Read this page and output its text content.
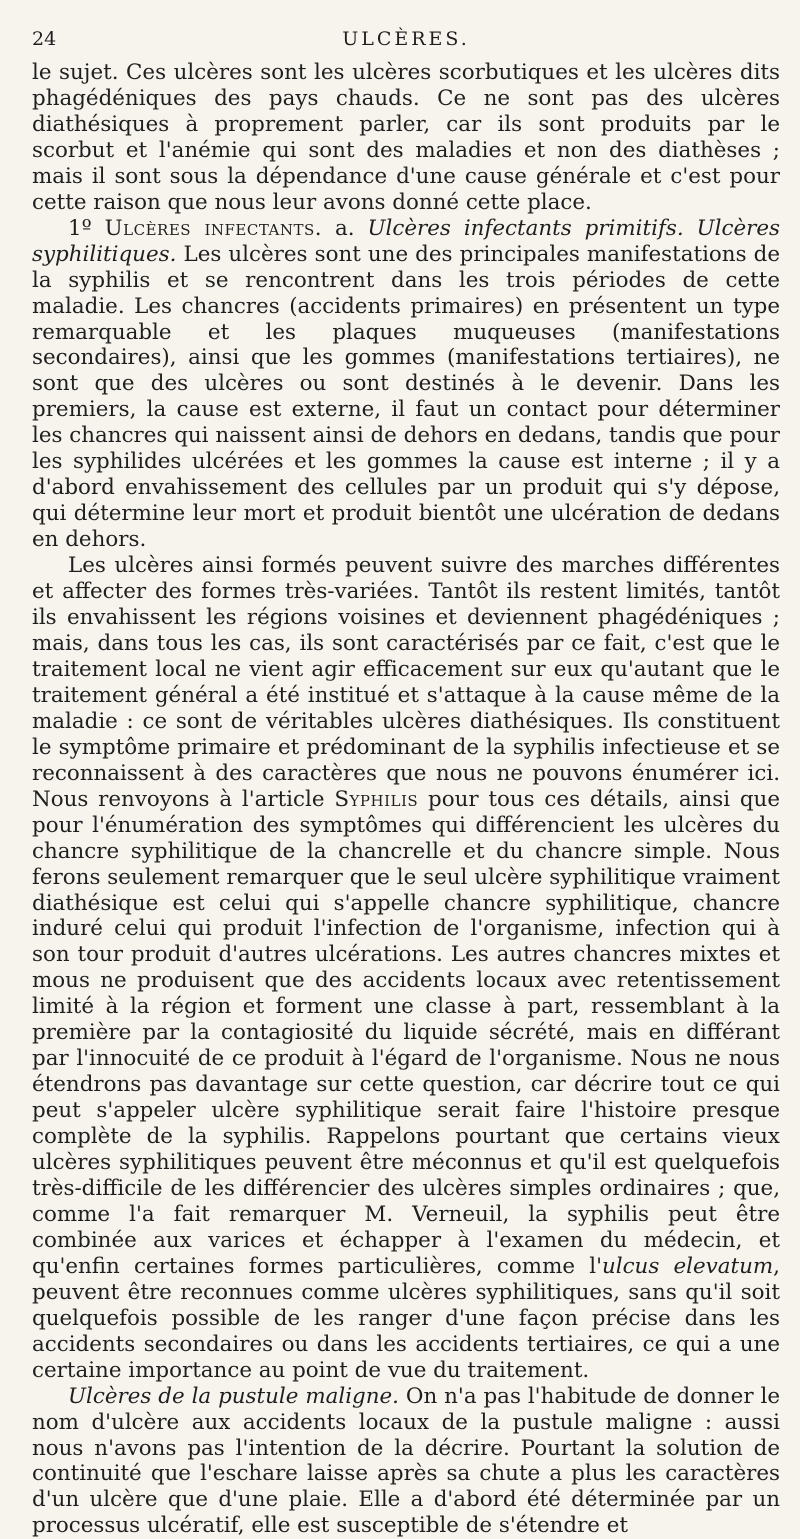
ULCÈRES.
24

le sujet. Ces ulcères sont les ulcères scorbutiques et les ulcères dits phagédéniques des pays chauds. Ce ne sont pas des ulcères diathésiques à proprement parler, car ils sont produits par le scorbut et l'anémie qui sont des maladies et non des diathèses ; mais il sont sous la dépendance d'une cause générale et c'est pour cette raison que nous leur avons donné cette place.

1º Ulcères infectants. a. Ulcères infectants primitifs. Ulcères syphilitiques. Les ulcères sont une des principales manifestations de la syphilis et se rencontrent dans les trois périodes de cette maladie. Les chancres (accidents primaires) en présentent un type remarquable et les plaques muqueuses (manifestations secondaires), ainsi que les gommes (manifestations tertiaires), ne sont que des ulcères ou sont destinés à le devenir. Dans les premiers, la cause est externe, il faut un contact pour déterminer les chancres qui naissent ainsi de dehors en dedans, tandis que pour les syphilides ulcérées et les gommes la cause est interne ; il y a d'abord envahissement des cellules par un produit qui s'y dépose, qui détermine leur mort et produit bientôt une ulcération de dedans en dehors.

Les ulcères ainsi formés peuvent suivre des marches différentes et affecter des formes très-variées. Tantôt ils restent limités, tantôt ils envahissent les régions voisines et deviennent phagédéniques ; mais, dans tous les cas, ils sont caractérisés par ce fait, c'est que le traitement local ne vient agir efficacement sur eux qu'autant que le traitement général a été institué et s'attaque à la cause même de la maladie : ce sont de véritables ulcères diathésiques. Ils constituent le symptôme primaire et prédominant de la syphilis infectieuse et se reconnaissent à des caractères que nous ne pouvons énumérer ici. Nous renvoyons à l'article Syphilis pour tous ces détails, ainsi que pour l'énumération des symptômes qui différencient les ulcères du chancre syphilitique de la chancrelle et du chancre simple. Nous ferons seulement remarquer que le seul ulcère syphilitique vraiment diathésique est celui qui s'appelle chancre syphilitique, chancre induré celui qui produit l'infection de l'organisme, infection qui à son tour produit d'autres ulcérations. Les autres chancres mixtes et mous ne produisent que des accidents locaux avec retentissement limité à la région et forment une classe à part, ressemblant à la première par la contagiosité du liquide sécrété, mais en différant par l'innocuité de ce produit à l'égard de l'organisme. Nous ne nous étendrons pas davantage sur cette question, car décrire tout ce qui peut s'appeler ulcère syphilitique serait faire l'histoire presque complète de la syphilis. Rappelons pourtant que certains vieux ulcères syphilitiques peuvent être méconnus et qu'il est quelquefois très-difficile de les différencier des ulcères simples ordinaires ; que, comme l'a fait remarquer M. Verneuil, la syphilis peut être combinée aux varices et échapper à l'examen du médecin, et qu'enfin certaines formes particulières, comme l'ulcus elevatum, peuvent être reconnues comme ulcères syphilitiques, sans qu'il soit quelquefois possible de les ranger d'une façon précise dans les accidents secondaires ou dans les accidents tertiaires, ce qui a une certaine importance au point de vue du traitement.

Ulcères de la pustule maligne. On n'a pas l'habitude de donner le nom d'ulcère aux accidents locaux de la pustule maligne : aussi nous n'avons pas l'intention de la décrire. Pourtant la solution de continuité que l'eschare laisse après sa chute a plus les caractères d'un ulcère que d'une plaie. Elle a d'abord été déterminée par un processus ulcératif, elle est susceptible de s'étendre et
